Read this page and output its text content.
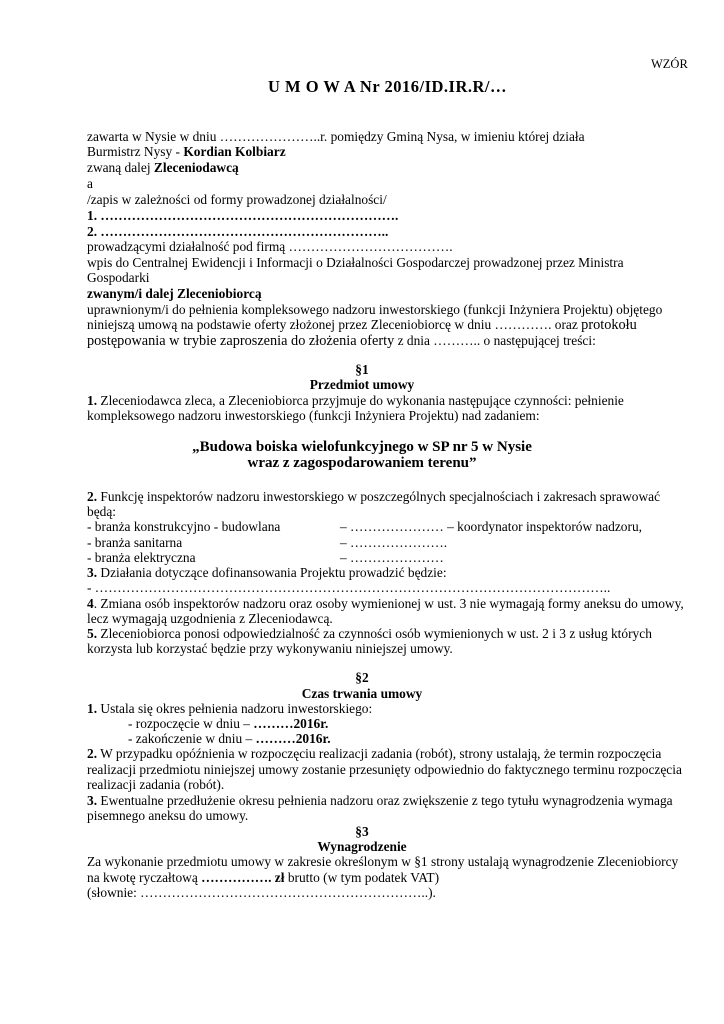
WZÓR
U M O W A Nr 2016/ID.IR.R/…
zawarta w Nysie w dniu …………………..r. pomiędzy Gminą Nysa, w imieniu której działa
Burmistrz Nysy - Kordian Kolbiarz
zwaną dalej Zleceniodawcą
a
/zapis w zależności od formy prowadzonej działalności/
1. ………………………………………………………….
2. ………………………………………………………..
prowadzącymi działalność pod firmą ……………………………….
wpis do Centralnej Ewidencji i Informacji o Działalności Gospodarczej prowadzonej przez Ministra
Gospodarki
zwanym/i dalej Zleceniobiorcą
uprawnionym/i do pełnienia kompleksowego nadzoru inwestorskiego (funkcji Inżyniera Projektu) objętego
niniejszą umową na podstawie oferty złożonej przez Zleceniobiorcę w dniu …………. oraz protokołu
postępowania w trybie zaproszenia do złożenia oferty z dnia ……….. o następującej treści:
§1
Przedmiot umowy
1. Zleceniodawca zleca, a Zleceniobiorca przyjmuje do wykonania następujące czynności: pełnienie
kompleksowego nadzoru inwestorskiego (funkcji Inżyniera Projektu) nad zadaniem:
„Budowa boiska wielofunkcyjnego w SP nr 5 w Nysie
wraz z zagospodarowaniem terenu”
2. Funkcję inspektorów nadzoru inwestorskiego w poszczególnych specjalnościach i zakresach sprawować
będą:
- branża konstrukcyjno - budowlana	– ………………… – koordynator inspektorów nadzoru,
- branża sanitarna	– ………………….
- branża elektryczna	– …………………
3. Działania dotyczące dofinansowania Projektu prowadzić będzie:
- ……………………………………………………………………………………………………..
4. Zmiana osób inspektorów nadzoru oraz osoby wymienionej w ust. 3 nie wymagają formy aneksu do umowy,
lecz wymagają uzgodnienia z Zleceniodawcą.
5. Zleceniobiorca ponosi odpowiedzialność za czynności osób wymienionych w ust. 2 i 3 z usług których
korzysta lub korzystać będzie przy wykonywaniu niniejszej umowy.
§2
Czas trwania umowy
1. Ustala się okres pełnienia nadzoru inwestorskiego:
- rozpoczęcie w dniu – ………2016r.
- zakończenie w dniu – ………2016r.
2. W przypadku opóźnienia w rozpoczęciu realizacji zadania (robót), strony ustalają, że termin rozpoczęcia
realizacji przedmiotu niniejszej umowy zostanie przesunięty odpowiednio do faktycznego terminu rozpoczęcia
realizacji zadania (robót).
3. Ewentualne przedłużenie okresu pełnienia nadzoru oraz zwiększenie z tego tytułu wynagrodzenia wymaga
pisemnego aneksu do umowy.
§3
Wynagrodzenie
Za wykonanie przedmiotu umowy w zakresie określonym w §1 strony ustalają wynagrodzenie Zleceniobiorcy
na kwotę ryczałtową ……………. zł brutto (w tym podatek VAT)
(słownie: ………………………………………………………..).
